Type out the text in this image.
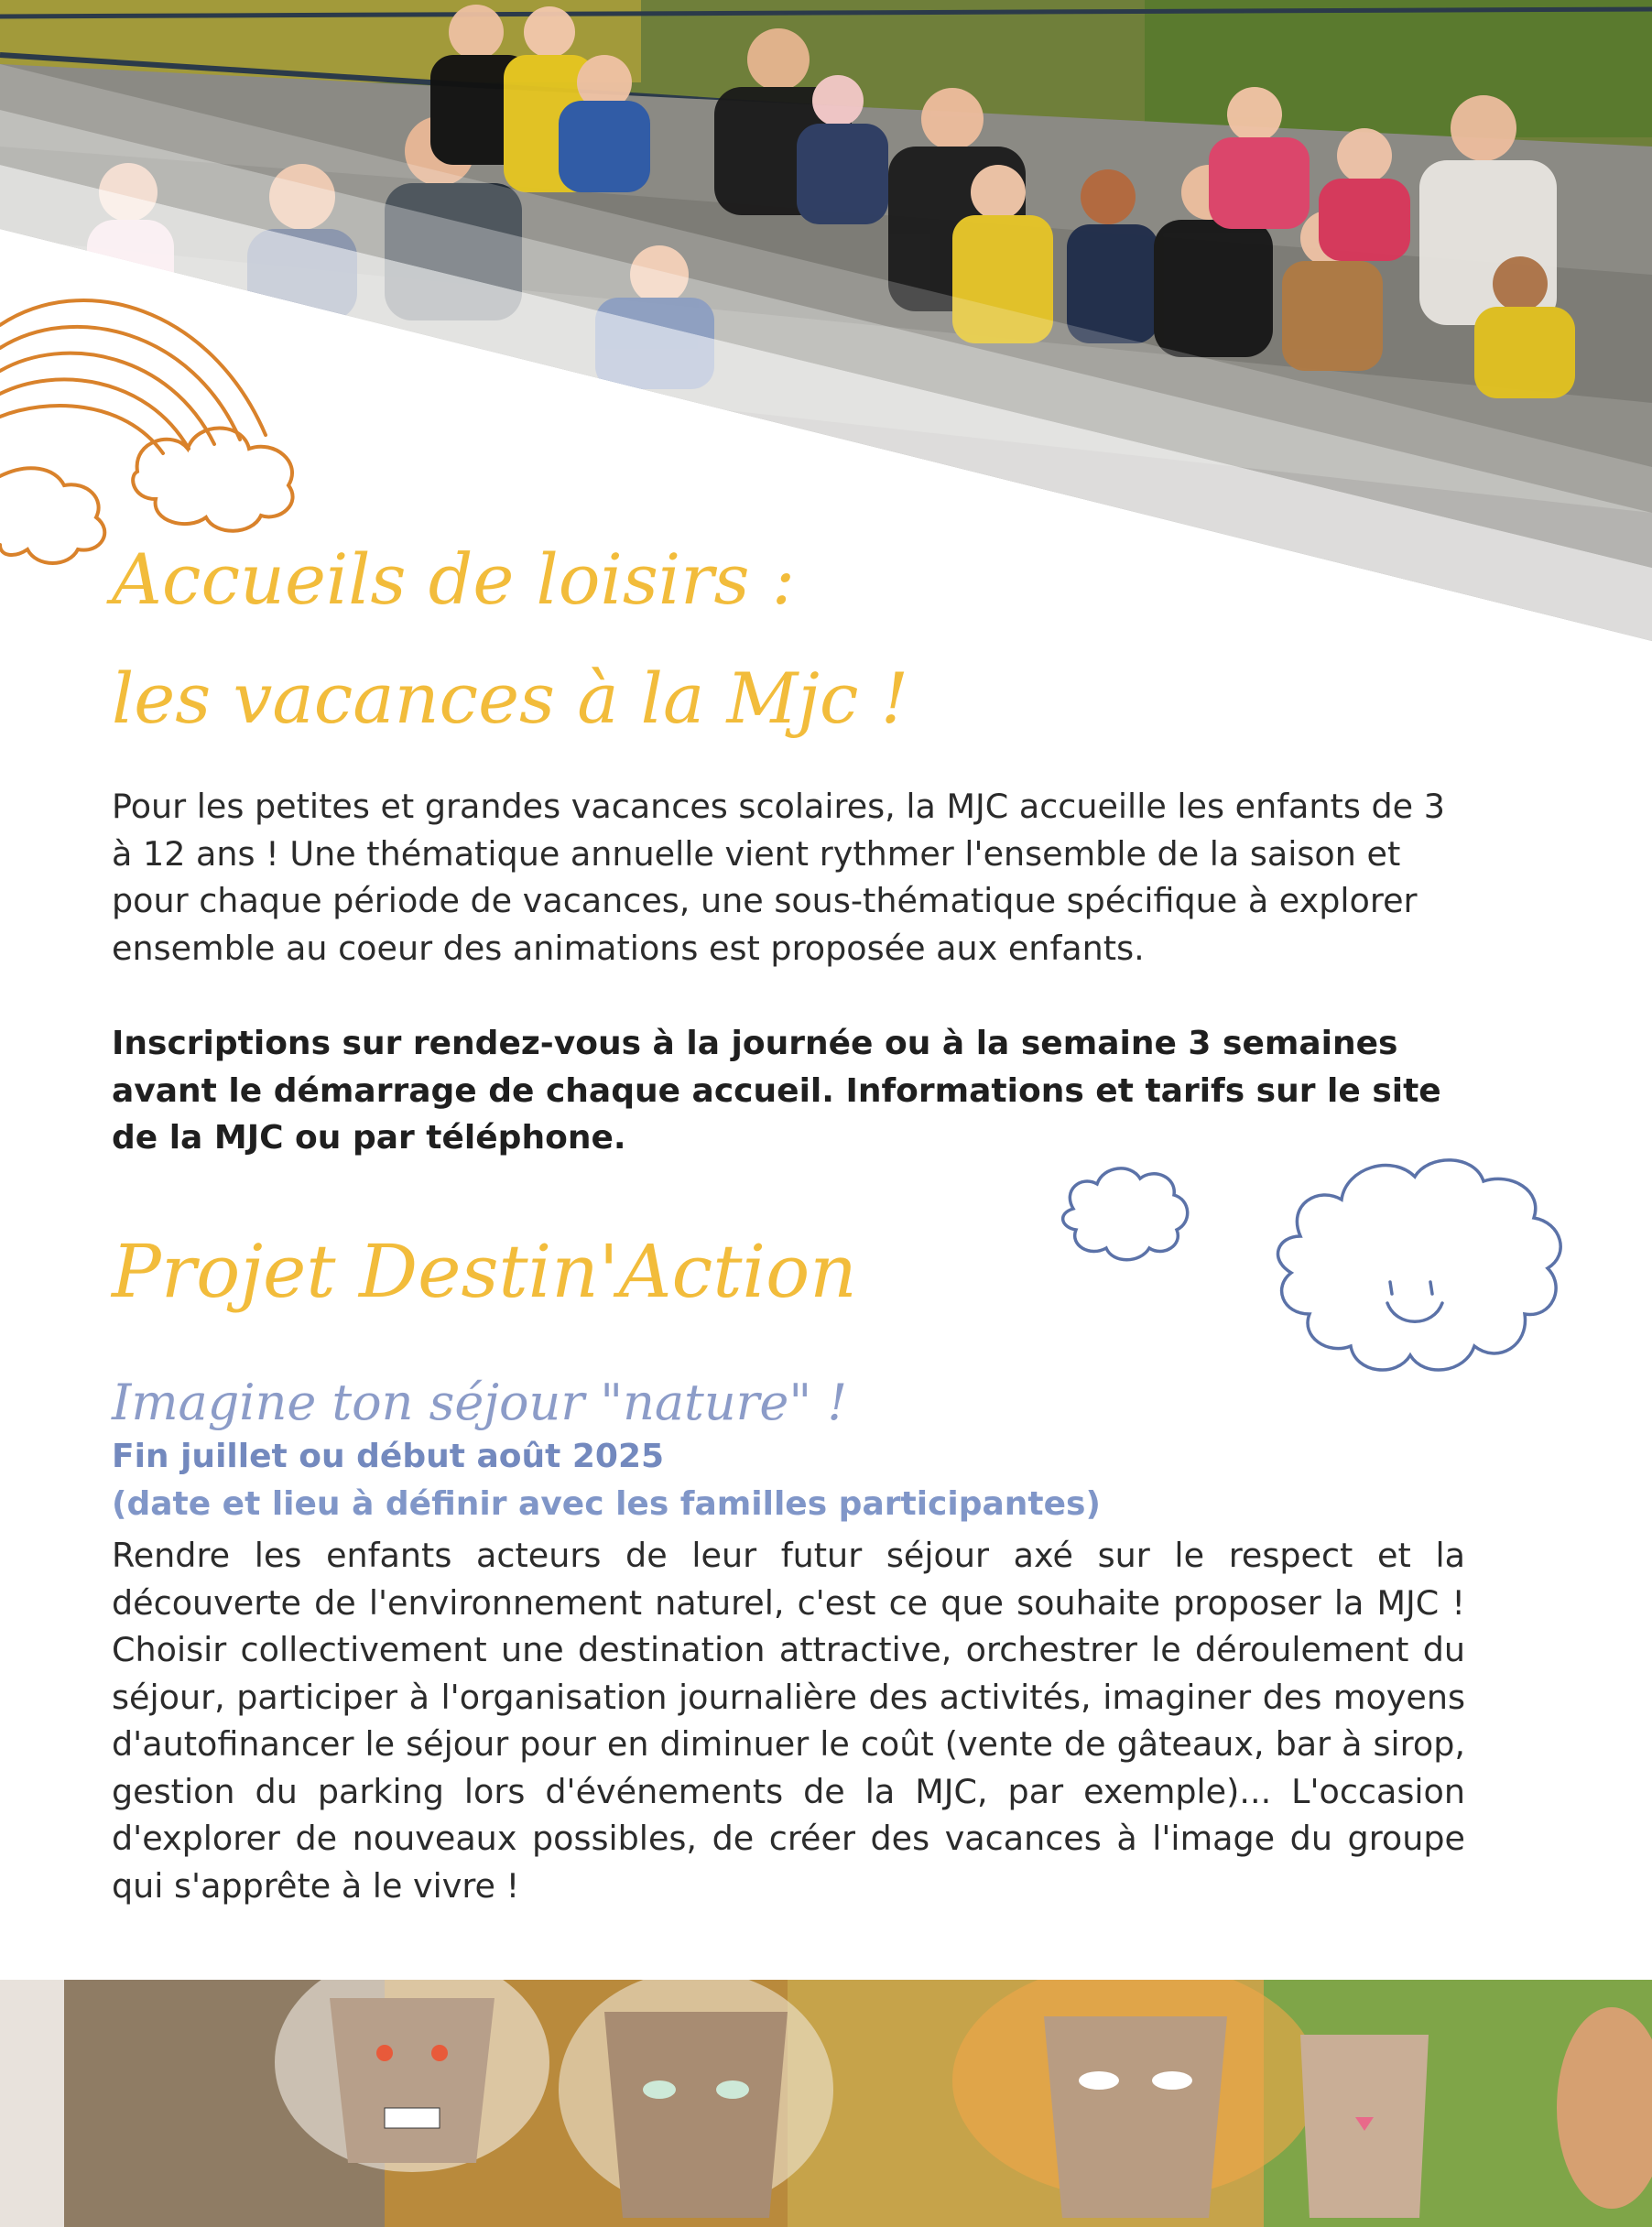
Accueils de loisirs :
les vacances à la Mjc !

Pour les petites et grandes vacances scolaires, la MJC accueille les enfants de 3 à 12 ans ! Une thématique annuelle vient rythmer l'ensemble de la saison et pour chaque période de vacances, une sous-thématique spécifique à explorer ensemble au coeur des animations est proposée aux enfants.

Inscriptions sur rendez-vous à la journée ou à la semaine 3 semaines avant le démarrage de chaque accueil. Informations et tarifs sur le site de la MJC ou par téléphone.

Projet Destin'Action

Imagine ton séjour "nature" !

Fin juillet ou début août 2025

(date et lieu à définir avec les familles participantes)

Rendre les enfants acteurs de leur futur séjour axé sur le respect et la découverte de l'environnement naturel, c'est ce que souhaite proposer la MJC ! Choisir collectivement une destination attractive, orchestrer le déroulement du séjour, participer à l'organisation journalière des activités, imaginer des moyens d'autofinancer le séjour pour en diminuer le coût (vente de gâteaux, bar à sirop, gestion du parking lors d'événements de la MJC, par exemple)... L'occasion d'explorer de nouveaux possibles, de créer des vacances à l'image du groupe qui s'apprête à le vivre !
